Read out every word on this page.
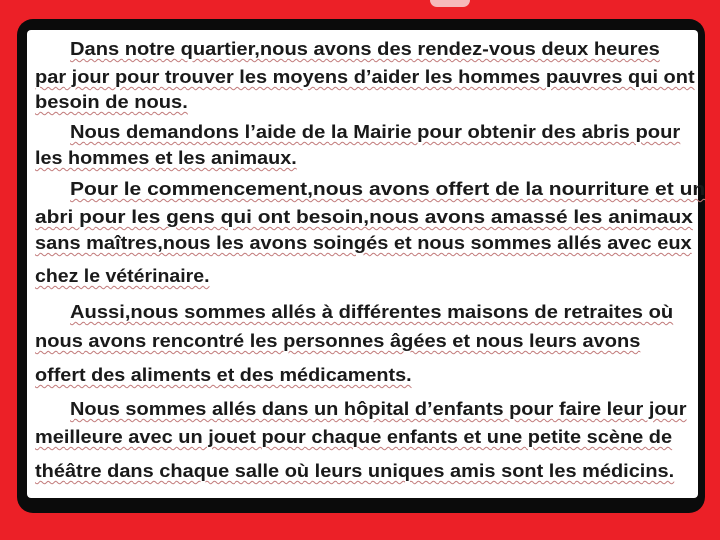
Dans notre quartier,nous avons des rendez-vous deux heures
par jour pour trouver les moyens d’aider les hommes pauvres qui ont
besoin de nous.
Nous demandons l’aide de la Mairie pour obtenir des abris pour
les hommes et les animaux.
Pour le commencement,nous avons offert de la nourriture et un
abri pour les gens qui ont besoin,nous avons amassé les animaux
sans maîtres,nous les avons soingés et nous sommes allés avec eux
chez le vétérinaire.
Aussi,nous sommes allés à différentes maisons de retraites où
nous avons rencontré les personnes âgées et nous leurs avons
offert des aliments et des médicaments.
Nous sommes allés dans un hôpital d’enfants pour faire leur jour
meilleure avec un jouet pour chaque enfants et une petite scène de
théâtre dans chaque salle où leurs uniques amis sont les médicins.
